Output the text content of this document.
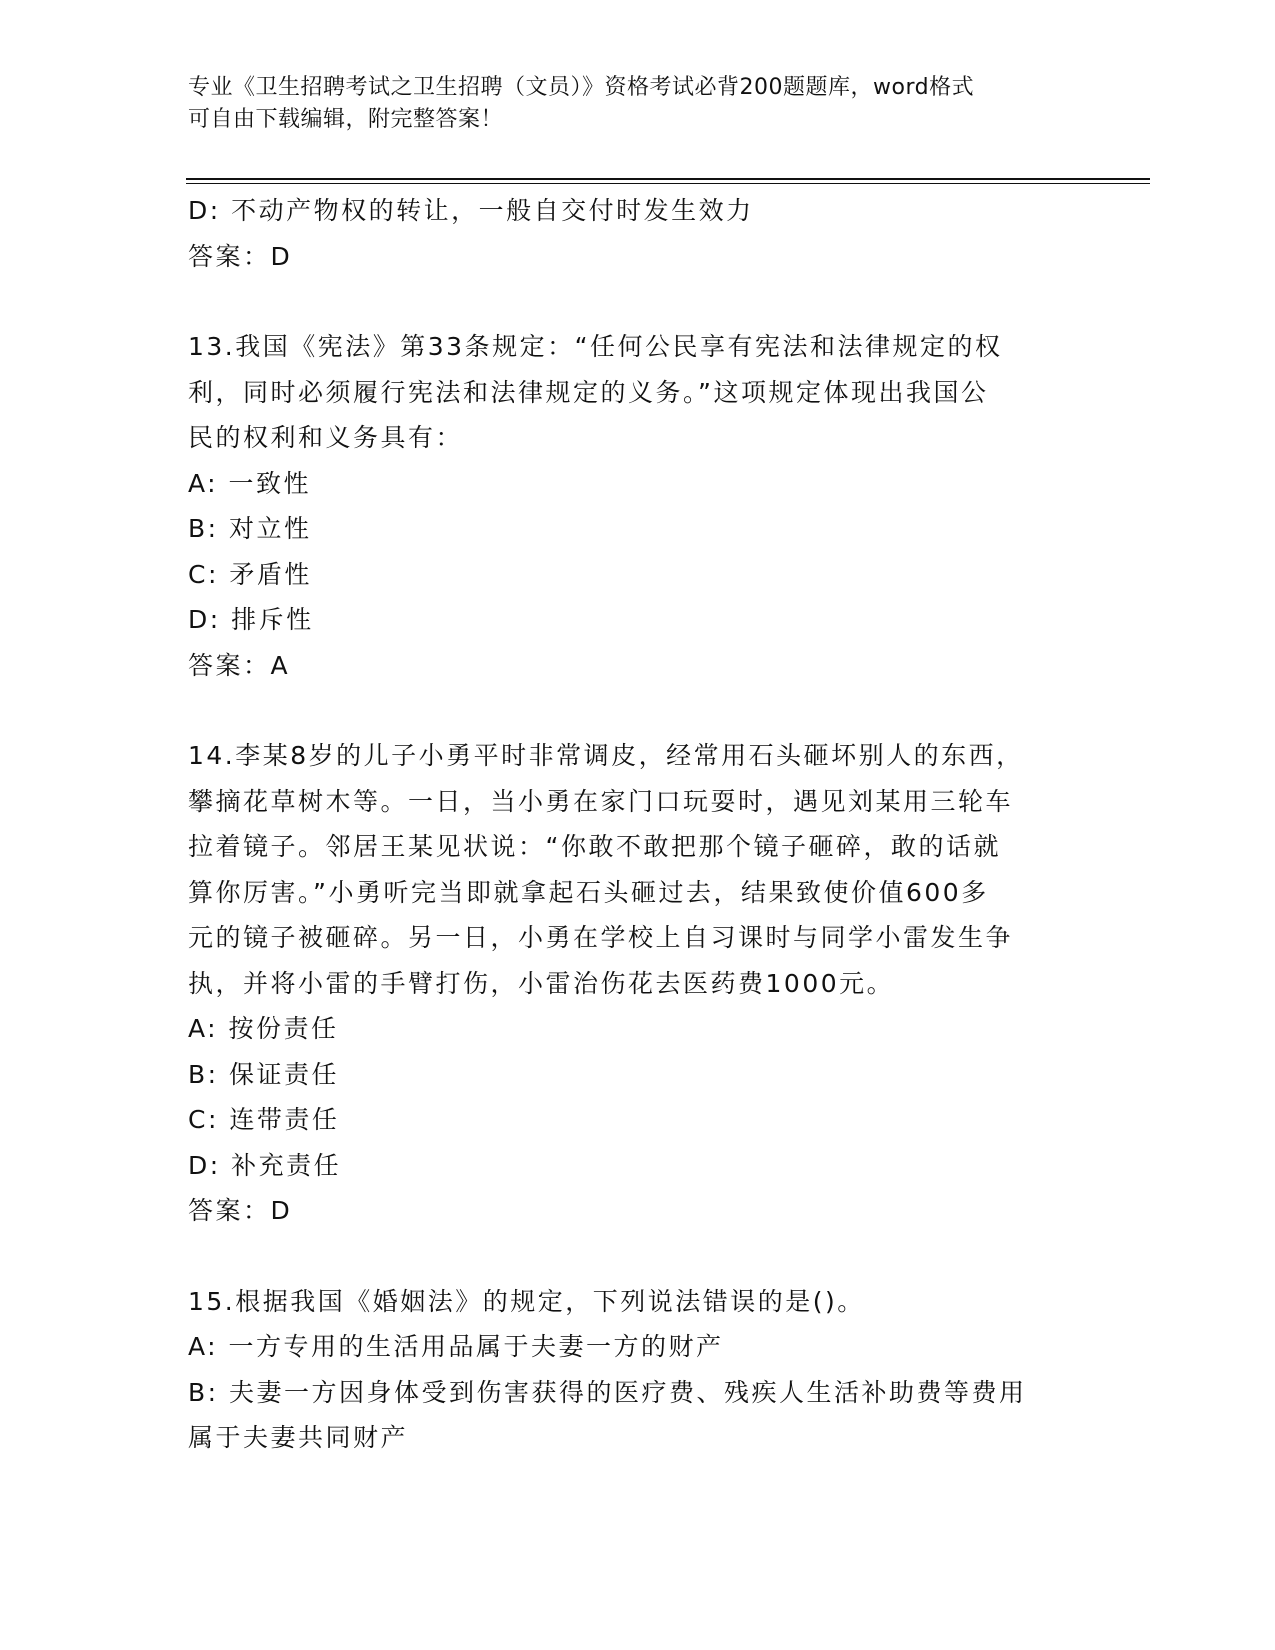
专业《卫生招聘考试之卫生招聘（文员）》资格考试必背200题题库，word格式
可自由下载编辑，附完整答案！
D: 不动产物权的转让，一般自交付时发生效力
答案：D
13.我国《宪法》第33条规定：“任何公民享有宪法和法律规定的权
利，同时必须履行宪法和法律规定的义务。”这项规定体现出我国公
民的权利和义务具有：
A: 一致性
B: 对立性
C: 矛盾性
D: 排斥性
答案：A
14.李某8岁的儿子小勇平时非常调皮，经常用石头砸坏别人的东西，
攀摘花草树木等。一日，当小勇在家门口玩耍时，遇见刘某用三轮车
拉着镜子。邻居王某见状说：“你敢不敢把那个镜子砸碎，敢的话就
算你厉害。”小勇听完当即就拿起石头砸过去，结果致使价值600多
元的镜子被砸碎。另一日，小勇在学校上自习课时与同学小雷发生争
执，并将小雷的手臂打伤，小雷治伤花去医药费1000元。
A: 按份责任
B: 保证责任
C: 连带责任
D: 补充责任
答案：D
15.根据我国《婚姻法》的规定，下列说法错误的是()。
A: 一方专用的生活用品属于夫妻一方的财产
B: 夫妻一方因身体受到伤害获得的医疗费、残疾人生活补助费等费用
属于夫妻共同财产
